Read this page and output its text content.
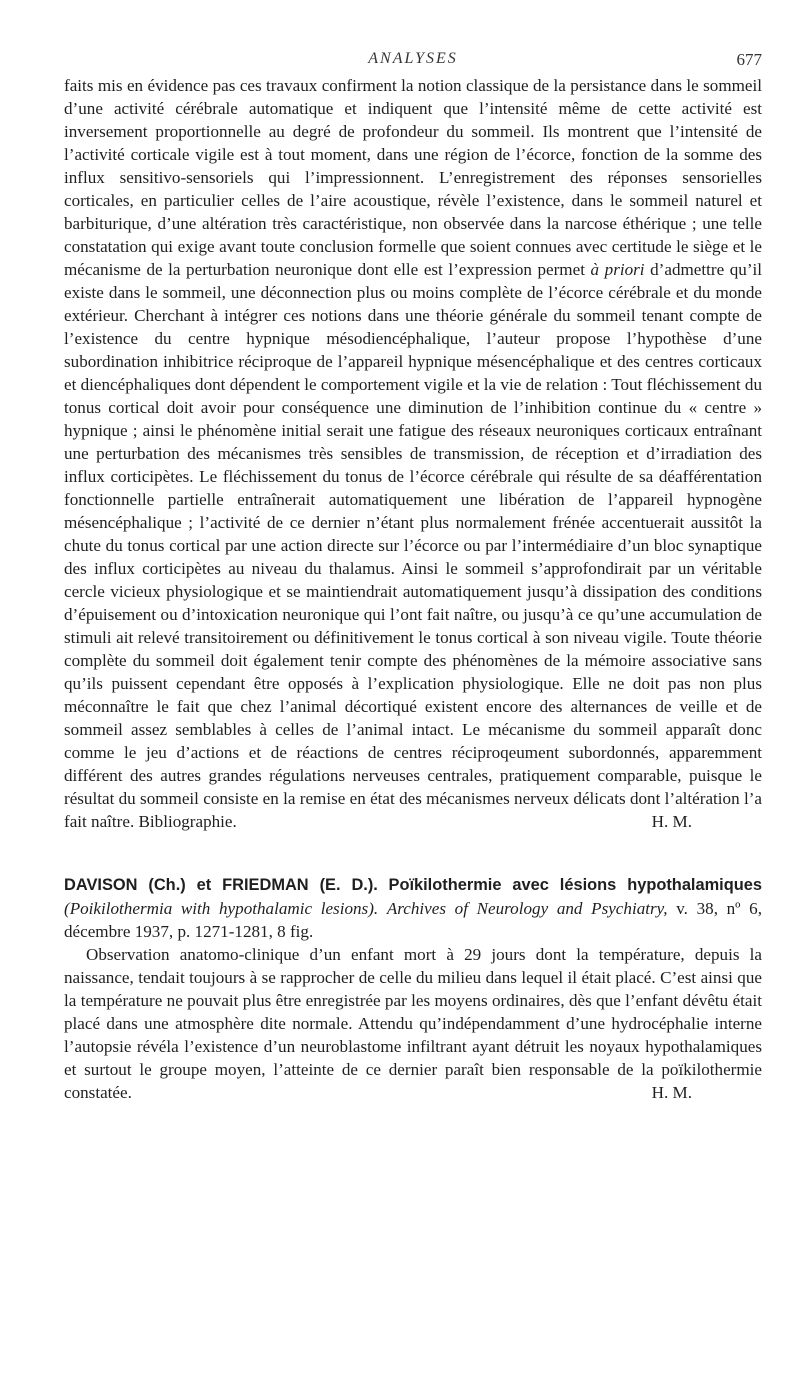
ANALYSES	677

faits mis en évidence pas ces travaux confirment la notion classique de la persistance dans le sommeil d’une activité cérébrale automatique et indiquent que l’intensité même de cette activité est inversement proportionnelle au degré de profondeur du sommeil. Ils montrent que l’intensité de l’activité corticale vigile est à tout moment, dans une région de l’écorce, fonction de la somme des influx sensitivo-sensoriels qui l’impressionnent. L’enregistrement des réponses sensorielles corticales, en particulier celles de l’aire acoustique, révèle l’existence, dans le sommeil naturel et barbiturique, d’une altération très caractéristique, non observée dans la narcose éthérique ; une telle constatation qui exige avant toute conclusion formelle que soient connues avec certitude le siège et le mécanisme de la perturbation neuronique dont elle est l’expression permet à priori d’admettre qu’il existe dans le sommeil, une déconnection plus ou moins complète de l’écorce cérébrale et du monde extérieur. Cherchant à intégrer ces notions dans une théorie générale du sommeil tenant compte de l’existence du centre hypnique mésodiencéphalique, l’auteur propose l’hypothèse d’une subordination inhibitrice réciproque de l’appareil hypnique mésencéphalique et des centres corticaux et diencéphaliques dont dépendent le comportement vigile et la vie de relation : Tout fléchissement du tonus cortical doit avoir pour conséquence une diminution de l’inhibition continue du « centre » hypnique ; ainsi le phénomène initial serait une fatigue des réseaux neuroniques corticaux entraînant une perturbation des mécanismes très sensibles de transmission, de réception et d’irradiation des influx corticipètes. Le fléchissement du tonus de l’écorce cérébrale qui résulte de sa déafférentation fonctionnelle partielle entraînerait automatiquement une libération de l’appareil hypnogène mésencéphalique ; l’activité de ce dernier n’étant plus normalement frénée accentuerait aussitôt la chute du tonus cortical par une action directe sur l’écorce ou par l’intermédiaire d’un bloc synaptique des influx corticipètes au niveau du thalamus. Ainsi le sommeil s’approfondirait par un véritable cercle vicieux physiologique et se maintiendrait automatiquement jusqu’à dissipation des conditions d’épuisement ou d’intoxication neuronique qui l’ont fait naître, ou jusqu’à ce qu’une accumulation de stimuli ait relevé transitoirement ou définitivement le tonus cortical à son niveau vigile. Toute théorie complète du sommeil doit également tenir compte des phénomènes de la mémoire associative sans qu’ils puissent cependant être opposés à l’explication physiologique. Elle ne doit pas non plus méconnaître le fait que chez l’animal décortiqué existent encore des alternances de veille et de sommeil assez semblables à celles de l’animal intact. Le mécanisme du sommeil apparaît donc comme le jeu d’actions et de réactions de centres réciproqeument subordonnés, apparemment différent des autres grandes régulations nerveuses centrales, pratiquement comparable, puisque le résultat du sommeil consiste en la remise en état des mécanismes nerveux délicats dont l’altération l’a fait naître. Bibliographie.	H. M.

DAVISON (Ch.) et FRIEDMAN (E. D.). Poïkilothermie avec lésions hypothalamiques (Poikilothermia with hypothalamic lesions). Archives of Neurology and Psychiatry, v. 38, nº 6, décembre 1937, p. 1271-1281, 8 fig.

Observation anatomo-clinique d’un enfant mort à 29 jours dont la température, depuis la naissance, tendait toujours à se rapprocher de celle du milieu dans lequel il était placé. C’est ainsi que la température ne pouvait plus être enregistrée par les moyens ordinaires, dès que l’enfant dévêtu était placé dans une atmosphère dite normale. Attendu qu’indépendamment d’une hydrocéphalie interne l’autopsie révéla l’existence d’un neuroblastome infiltrant ayant détruit les noyaux hypothalamiques et surtout le groupe moyen, l’atteinte de ce dernier paraît bien responsable de la poïkilothermie constatée.	H. M.
